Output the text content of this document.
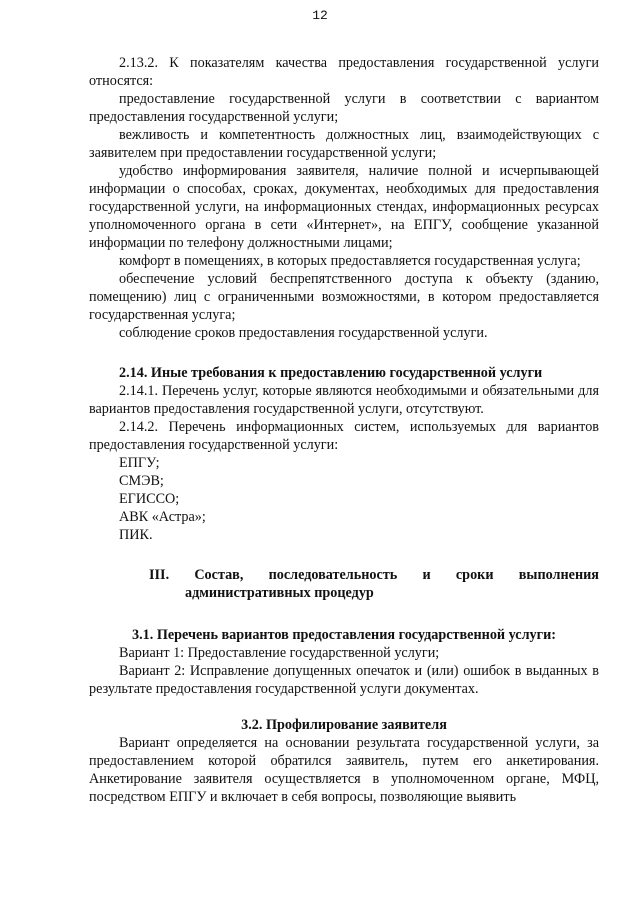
12

2.13.2. К показателям качества предоставления государственной услуги относятся:

предоставление государственной услуги в соответствии с вариантом предоставления государственной услуги;

вежливость и компетентность должностных лиц, взаимодействующих с заявителем при предоставлении государственной услуги;

удобство информирования заявителя, наличие полной и исчерпывающей информации о способах, сроках, документах, необходимых для предоставления государственной услуги, на информационных стендах, информационных ресурсах уполномоченного органа в сети «Интернет», на ЕПГУ, сообщение указанной информации по телефону должностными лицами;

комфорт в помещениях, в которых предоставляется государственная услуга;

обеспечение условий беспрепятственного доступа к объекту (зданию, помещению) лиц с ограниченными возможностями, в котором предоставляется государственная услуга;

соблюдение сроков предоставления государственной услуги.

2.14. Иные требования к предоставлению государственной услуги

2.14.1. Перечень услуг, которые являются необходимыми и обязательными для вариантов предоставления государственной услуги, отсутствуют.

2.14.2. Перечень информационных систем, используемых для вариантов предоставления государственной услуги:

ЕПГУ;
СМЭВ;
ЕГИССО;
АВК «Астра»;
ПИК.
III. Состав, последовательность и сроки выполнения
административных процедур

3.1. Перечень вариантов предоставления государственной услуги:

Вариант 1: Предоставление государственной услуги;

Вариант 2: Исправление допущенных опечаток и (или) ошибок в выданных в результате предоставления государственной услуги документах.

3.2. Профилирование заявителя

Вариант определяется на основании результата государственной услуги, за предоставлением которой обратился заявитель, путем его анкетирования. Анкетирование заявителя осуществляется в уполномоченном органе, МФЦ, посредством ЕПГУ и включает в себя вопросы, позволяющие выявить
